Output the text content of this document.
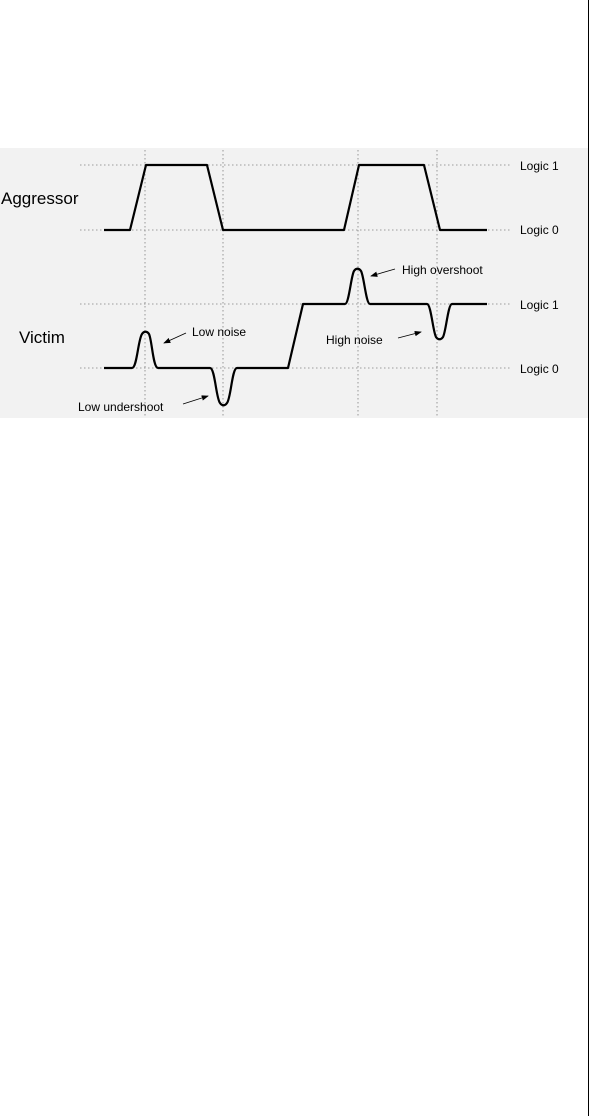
Aggressor
Victim
Logic 1
Logic 0
Logic 1
Logic 0
Low noise
Low undershoot
High overshoot
High noise
